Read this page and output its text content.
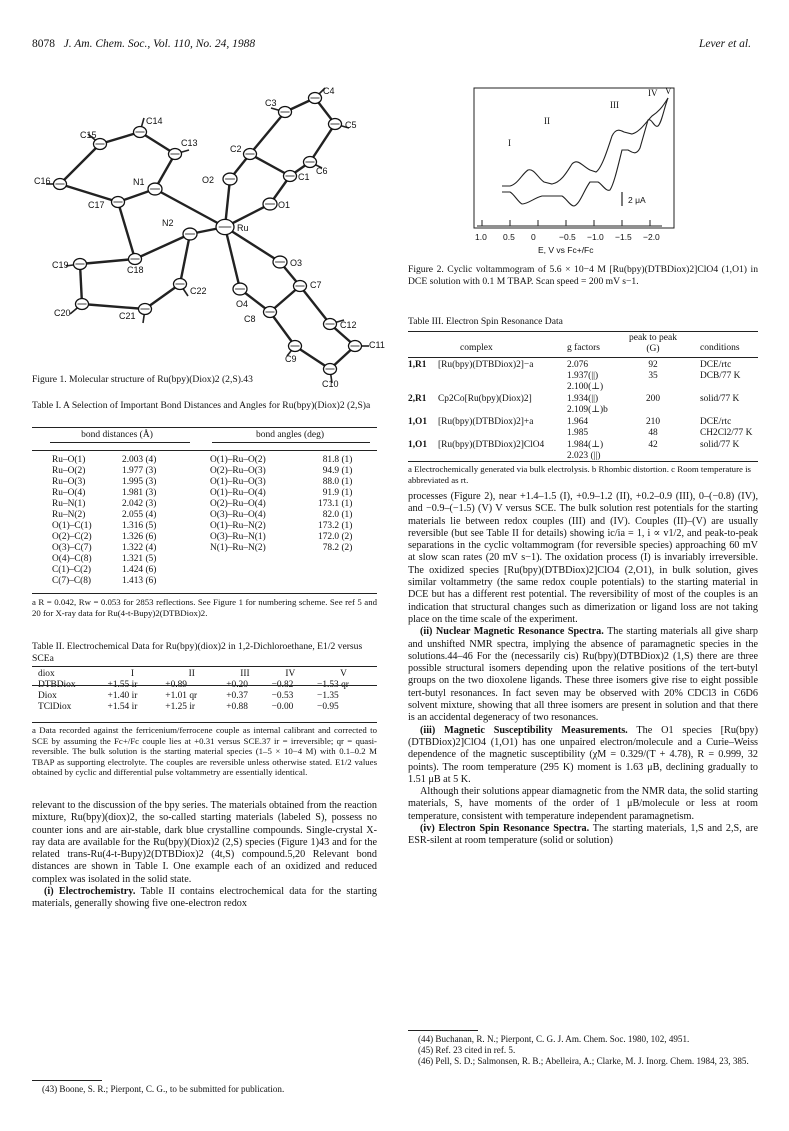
8078 J. Am. Chem. Soc., Vol. 110, No. 24, 1988	Lever et al.
C4
C3
C5
C15
C14
C2
C6
C13
C16	O2	C1
N1
O1
C17
N2	Ru
C19	C18
O3
C20
C22
O4
C7
C21	C8
C12
C9
C11
C10
Figure 1. Molecular structure of Ru(bpy)(Diox)2 (2,S).43
Table I. A Selection of Important Bond Distances and Angles for Ru(bpy)(Diox)2 (2,S)a
bond distances (Å)	bond angles (deg)
Ru–O(1)	2.003 (4)
Ru–O(2)	1.977 (3)
Ru–O(3)	1.995 (3)
Ru–O(4)	1.981 (3)
Ru–N(1)	2.042 (3)
Ru–N(2)	2.055 (4)
O(1)–C(1)	1.316 (5)
O(2)–C(2)	1.326 (6)
O(3)–C(7)	1.322 (4)
O(4)–C(8)	1.321 (5)
C(1)–C(2)	1.424 (6)
C(7)–C(8)	1.413 (6)
O(1)–Ru–O(2)	81.8 (1)
O(2)–Ru–O(3)	94.9 (1)
O(1)–Ru–O(3)	88.0 (1)
O(1)–Ru–O(4)	91.9 (1)
O(2)–Ru–O(4)	173.1 (1)
O(3)–Ru–O(4)	82.0 (1)
O(1)–Ru–N(2)	173.2 (1)
O(3)–Ru–N(1)	172.0 (2)
N(1)–Ru–N(2)	78.2 (2)
a R = 0.042, Rw = 0.053 for 2853 reflections. See Figure 1 for numbering scheme. See ref 5 and 20 for X-ray data for Ru(4-t-Bupy)2(DTBDiox)2.
Table II. Electrochemical Data for Ru(bpy)(diox)2 in 1,2-Dichloroethane, E1/2 versus SCEa
diox	I	II	III	IV	V
DTBDiox	+1.55 ir	+0.89	+0.20	−0.82	−1.53 qr
Diox	+1.40 ir	+1.01 qr	+0.37	−0.53	−1.35
TClDiox	+1.54 ir	+1.25 ir	+0.88	−0.00	−0.95
a Data recorded against the ferricenium/ferrocene couple as internal calibrant and corrected to SCE by assuming the Fc+/Fc couple lies at +0.31 versus SCE.37 ir = irreversible; qr = quasi-reversible. The bulk solution is the starting material species (1–5 × 10−4 M) with 0.1–0.2 M TBAP as supporting electrolyte. The couples are reversible unless otherwise stated. E1/2 values obtained by cyclic and differential pulse voltammetry are essentially identical.

relevant to the discussion of the bpy series. The materials obtained from the reaction mixture, Ru(bpy)(diox)2, the so-called starting materials (labeled S), possess no counter ions and are air-stable, dark blue crystalline compounds. Single-crystal X-ray data are available for the Ru(bpy)(Diox)2 (2,S) species (Figure 1)43 and for the related trans-Ru(4-t-Bupy)2(DTBDiox)2 (4t,S) compound.5,20 Relevant bond distances are shown in Table I. One example each of an oxidized and reduced complex was isolated in the solid state.

(i) Electrochemistry. Table II contains electrochemical data for the starting materials, generally showing five one-electron redox

(43) Boone, S. R.; Pierpont, C. G., to be submitted for publication.
1.0 0.5 0	−0.5 −1.0 −1.5 −2.0
E, V vs Fc+/Fc
I
II
III
IV V
2 μA
Figure 2. Cyclic voltammogram of 5.6 × 10−4 M [Ru(bpy)(DTBDiox)2]ClO4 (1,O1) in DCE solution with 0.1 M TBAP. Scan speed = 200 mV s−1.
Table III. Electron Spin Resonance Data
complex	g factors
peak to peak (G)	conditions
1,R1 [Ru(bpy)(DTBDiox)2]−a	2.076	92	DCE/rtc
1.937(||)	35	DCB/77 K
2.100(⊥)
2,R1 Cp2Co[Ru(bpy)(Diox)2]	1.934(||)	200	solid/77 K
2.109(⊥)b
1,O1 [Ru(bpy)(DTBDiox)2]+a	1.964	210	DCE/rtc
1.985	48	CH2Cl2/77 K
1,O1 [Ru(bpy)(DTBDiox)2]ClO4 1.984(⊥)	42	solid/77 K
2.023 (||)
a Electrochemically generated via bulk electrolysis. b Rhombic distortion. c Room temperature is abbreviated as rt.

processes (Figure 2), near +1.4–1.5 (I), +0.9–1.2 (II), +0.2–0.9 (III), 0–(−0.8) (IV), and −0.9–(−1.5) (V) V versus SCE. The bulk solution rest potentials for the starting materials lie between redox couples (III) and (IV). Couples (II)–(V) are usually reversible (but see Table II for details) showing ic/ia = 1, i ∝ v1/2, and peak-to-peak separations in the cyclic voltammogram (for reversible species) approaching 60 mV at slow scan rates (20 mV s−1). The oxidation process (I) is invariably irreversible. The oxidized species [Ru(bpy)(DTBDiox)2]ClO4 (2,O1), in bulk solution, gives similar voltammetry (the same redox couple potentials) to the starting material in DCE but has a different rest potential. The reversibility of most of the couples is an indication that structural changes such as dimerization or ligand loss are not taking place on the time scale of the experiment.

(ii) Nuclear Magnetic Resonance Spectra. The starting materials all give sharp and unshifted NMR spectra, implying the absence of paramagnetic species in the solutions.44–46 For the (necessarily cis) Ru(bpy)(DTBDiox)2 (1,S) there are three possible structural isomers depending upon the relative positions of the tert-butyl groups on the two dioxolene ligands. These three isomers give rise to eight possible tert-butyl resonances. In fact seven may be observed with 20% CDCl3 in C6D6 solvent mixture, showing that all three isomers are present in solution and that there is an accidental degeneracy of two resonances.

(iii) Magnetic Susceptibility Measurements. The O1 species [Ru(bpy)(DTBDiox)2]ClO4 (1,O1) has one unpaired electron/molecule and a Curie–Weiss dependence of the magnetic susceptibility (χM = 0.329/(T + 4.78), R = 0.999, 32 points). The room temperature (295 K) moment is 1.63 μB, declining gradually to 1.51 μB at 5 K.

Although their solutions appear diamagnetic from the NMR data, the solid starting materials, S, have moments of the order of 1 μB/molecule or less at room temperature, consistent with temperature independent paramagnetism.

(iv) Electron Spin Resonance Spectra. The starting materials, 1,S and 2,S, are ESR-silent at room temperature (solid or solution)

(44) Buchanan, R. N.; Pierpont, C. G. J. Am. Chem. Soc. 1980, 102, 4951.
(45) Ref. 23 cited in ref. 5.
(46) Pell, S. D.; Salmonsen, R. B.; Abelleira, A.; Clarke, M. J. Inorg. Chem. 1984, 23, 385.
